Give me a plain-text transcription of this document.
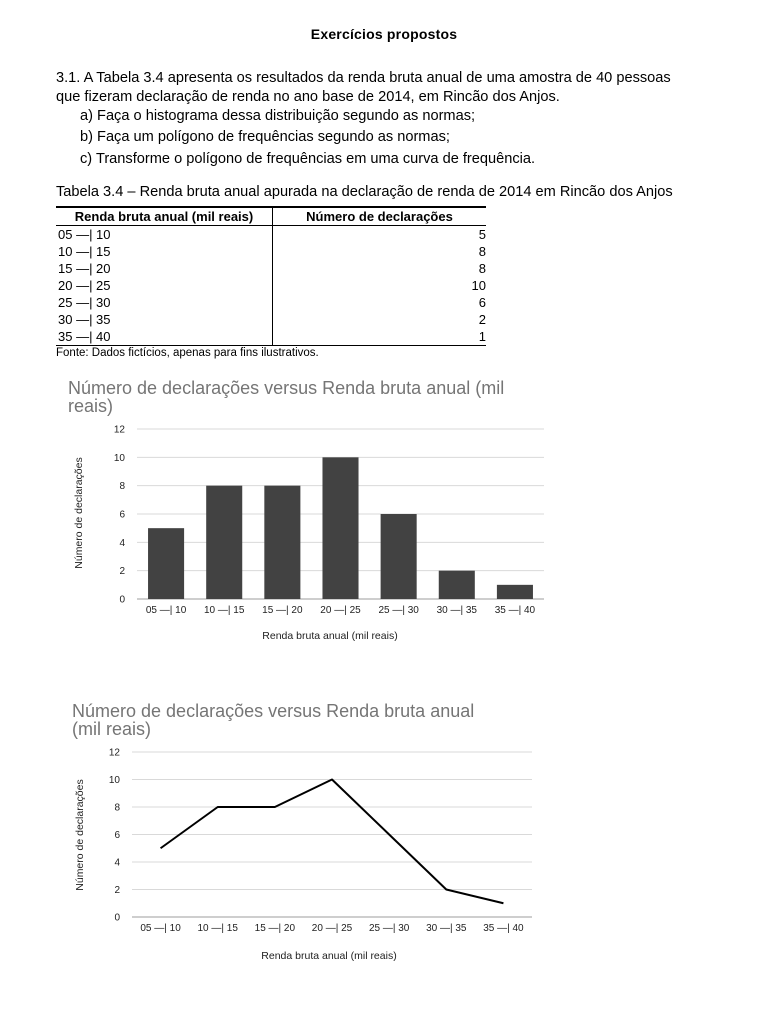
Exercícios propostos
3.1. A Tabela 3.4 apresenta os resultados da renda bruta anual de uma amostra de 40 pessoas
que fizeram declaração de renda no ano base de 2014, em Rincão dos Anjos.
a) Faça o histograma dessa distribuição segundo as normas;
b) Faça um polígono de frequências segundo as normas;
c) Transforme o polígono de frequências em uma curva de frequência.
Tabela 3.4 – Renda bruta anual apurada na declaração de renda de 2014 em Rincão dos Anjos
Renda bruta anual (mil reais)	Número de declarações
05 —| 10	5
10 —| 15	8
15 —| 20	8
20 —| 25	10
25 —| 30	6
30 —| 35	2
35 —| 40	1
Fonte: Dados fictícios, apenas para fins ilustrativos.
Número de declarações versus Renda bruta anual (mil
reais)
0
2
4
6
8
10
12
05 —| 10 10 —| 15 15 —| 20 20 —| 25 25 —| 30 30 —| 35 35 —| 40
Renda bruta anual (mil reais)
Número de declarações
Número de declarações versus Renda bruta anual
(mil reais)
0
2
4
6
8
10
12
05 —| 10 10 —| 15 15 —| 20 20 —| 25 25 —| 30 30 —| 35 35 —| 40
Renda bruta anual (mil reais)
Número de declarações
